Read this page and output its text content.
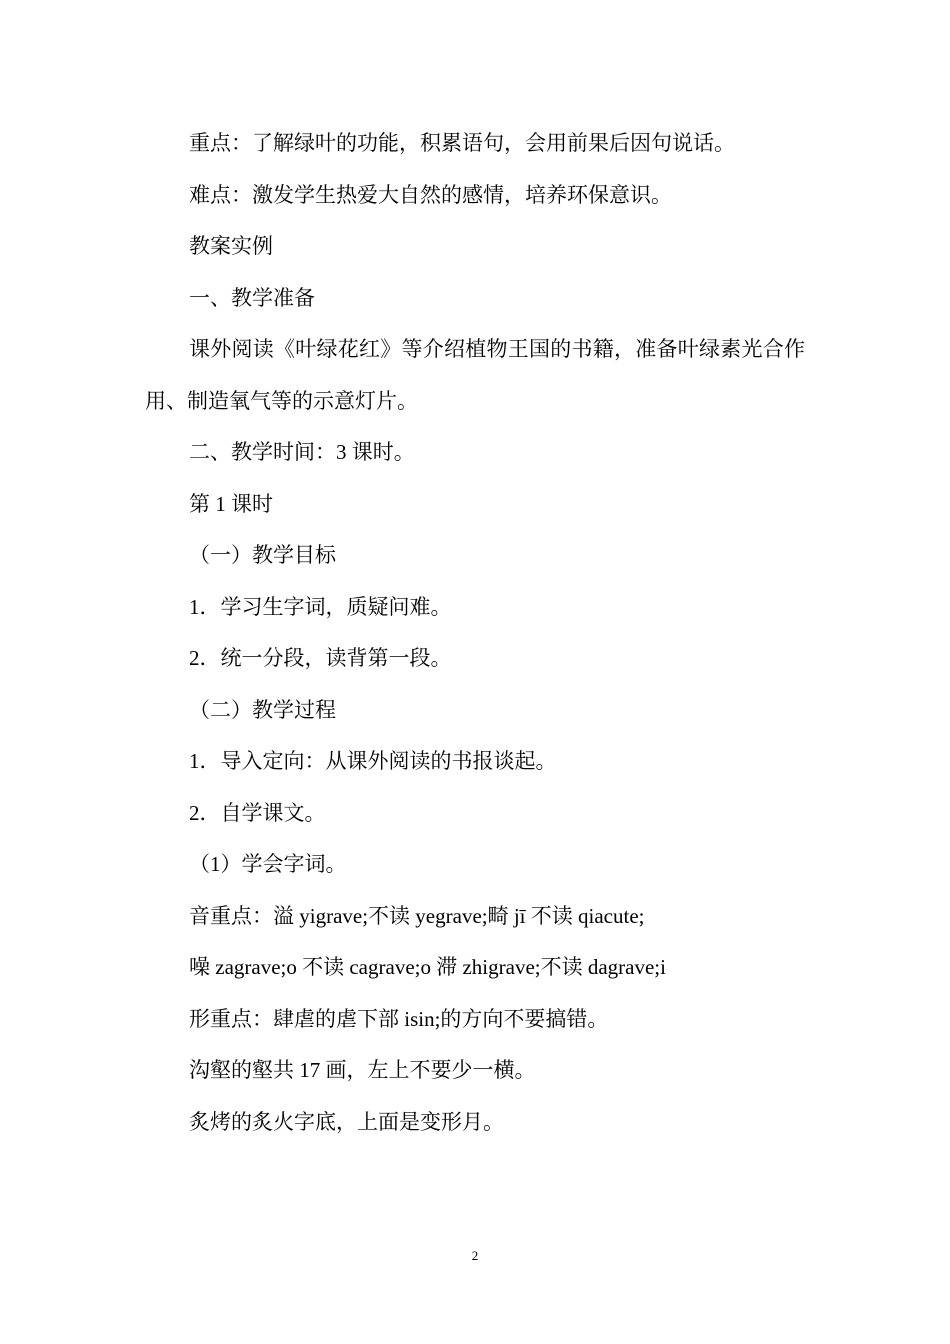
重点：了解绿叶的功能，积累语句，会用前果后因句说话。

难点：激发学生热爱大自然的感情，培养环保意识。

教案实例

一、教学准备

课外阅读《叶绿花红》等介绍植物王国的书籍，准备叶绿素光合作用、制造氧气等的示意灯片。

二、教学时间：3 课时。

第 1 课时

（一）教学目标

1．学习生字词，质疑问难。

2．统一分段，读背第一段。

（二）教学过程

1．导入定向：从课外阅读的书报谈起。

2．自学课文。

（1）学会字词。

音重点：溢 yigrave;不读 yegrave;畸 jī 不读 qiacute;

噪 zagrave;o 不读 cagrave;o 滞 zhigrave;不读 dagrave;i

形重点：肆虐的虐下部 isin;的方向不要搞错。

沟壑的壑共 17 画，左上不要少一横。

炙烤的炙火字底，上面是变形月。

2
